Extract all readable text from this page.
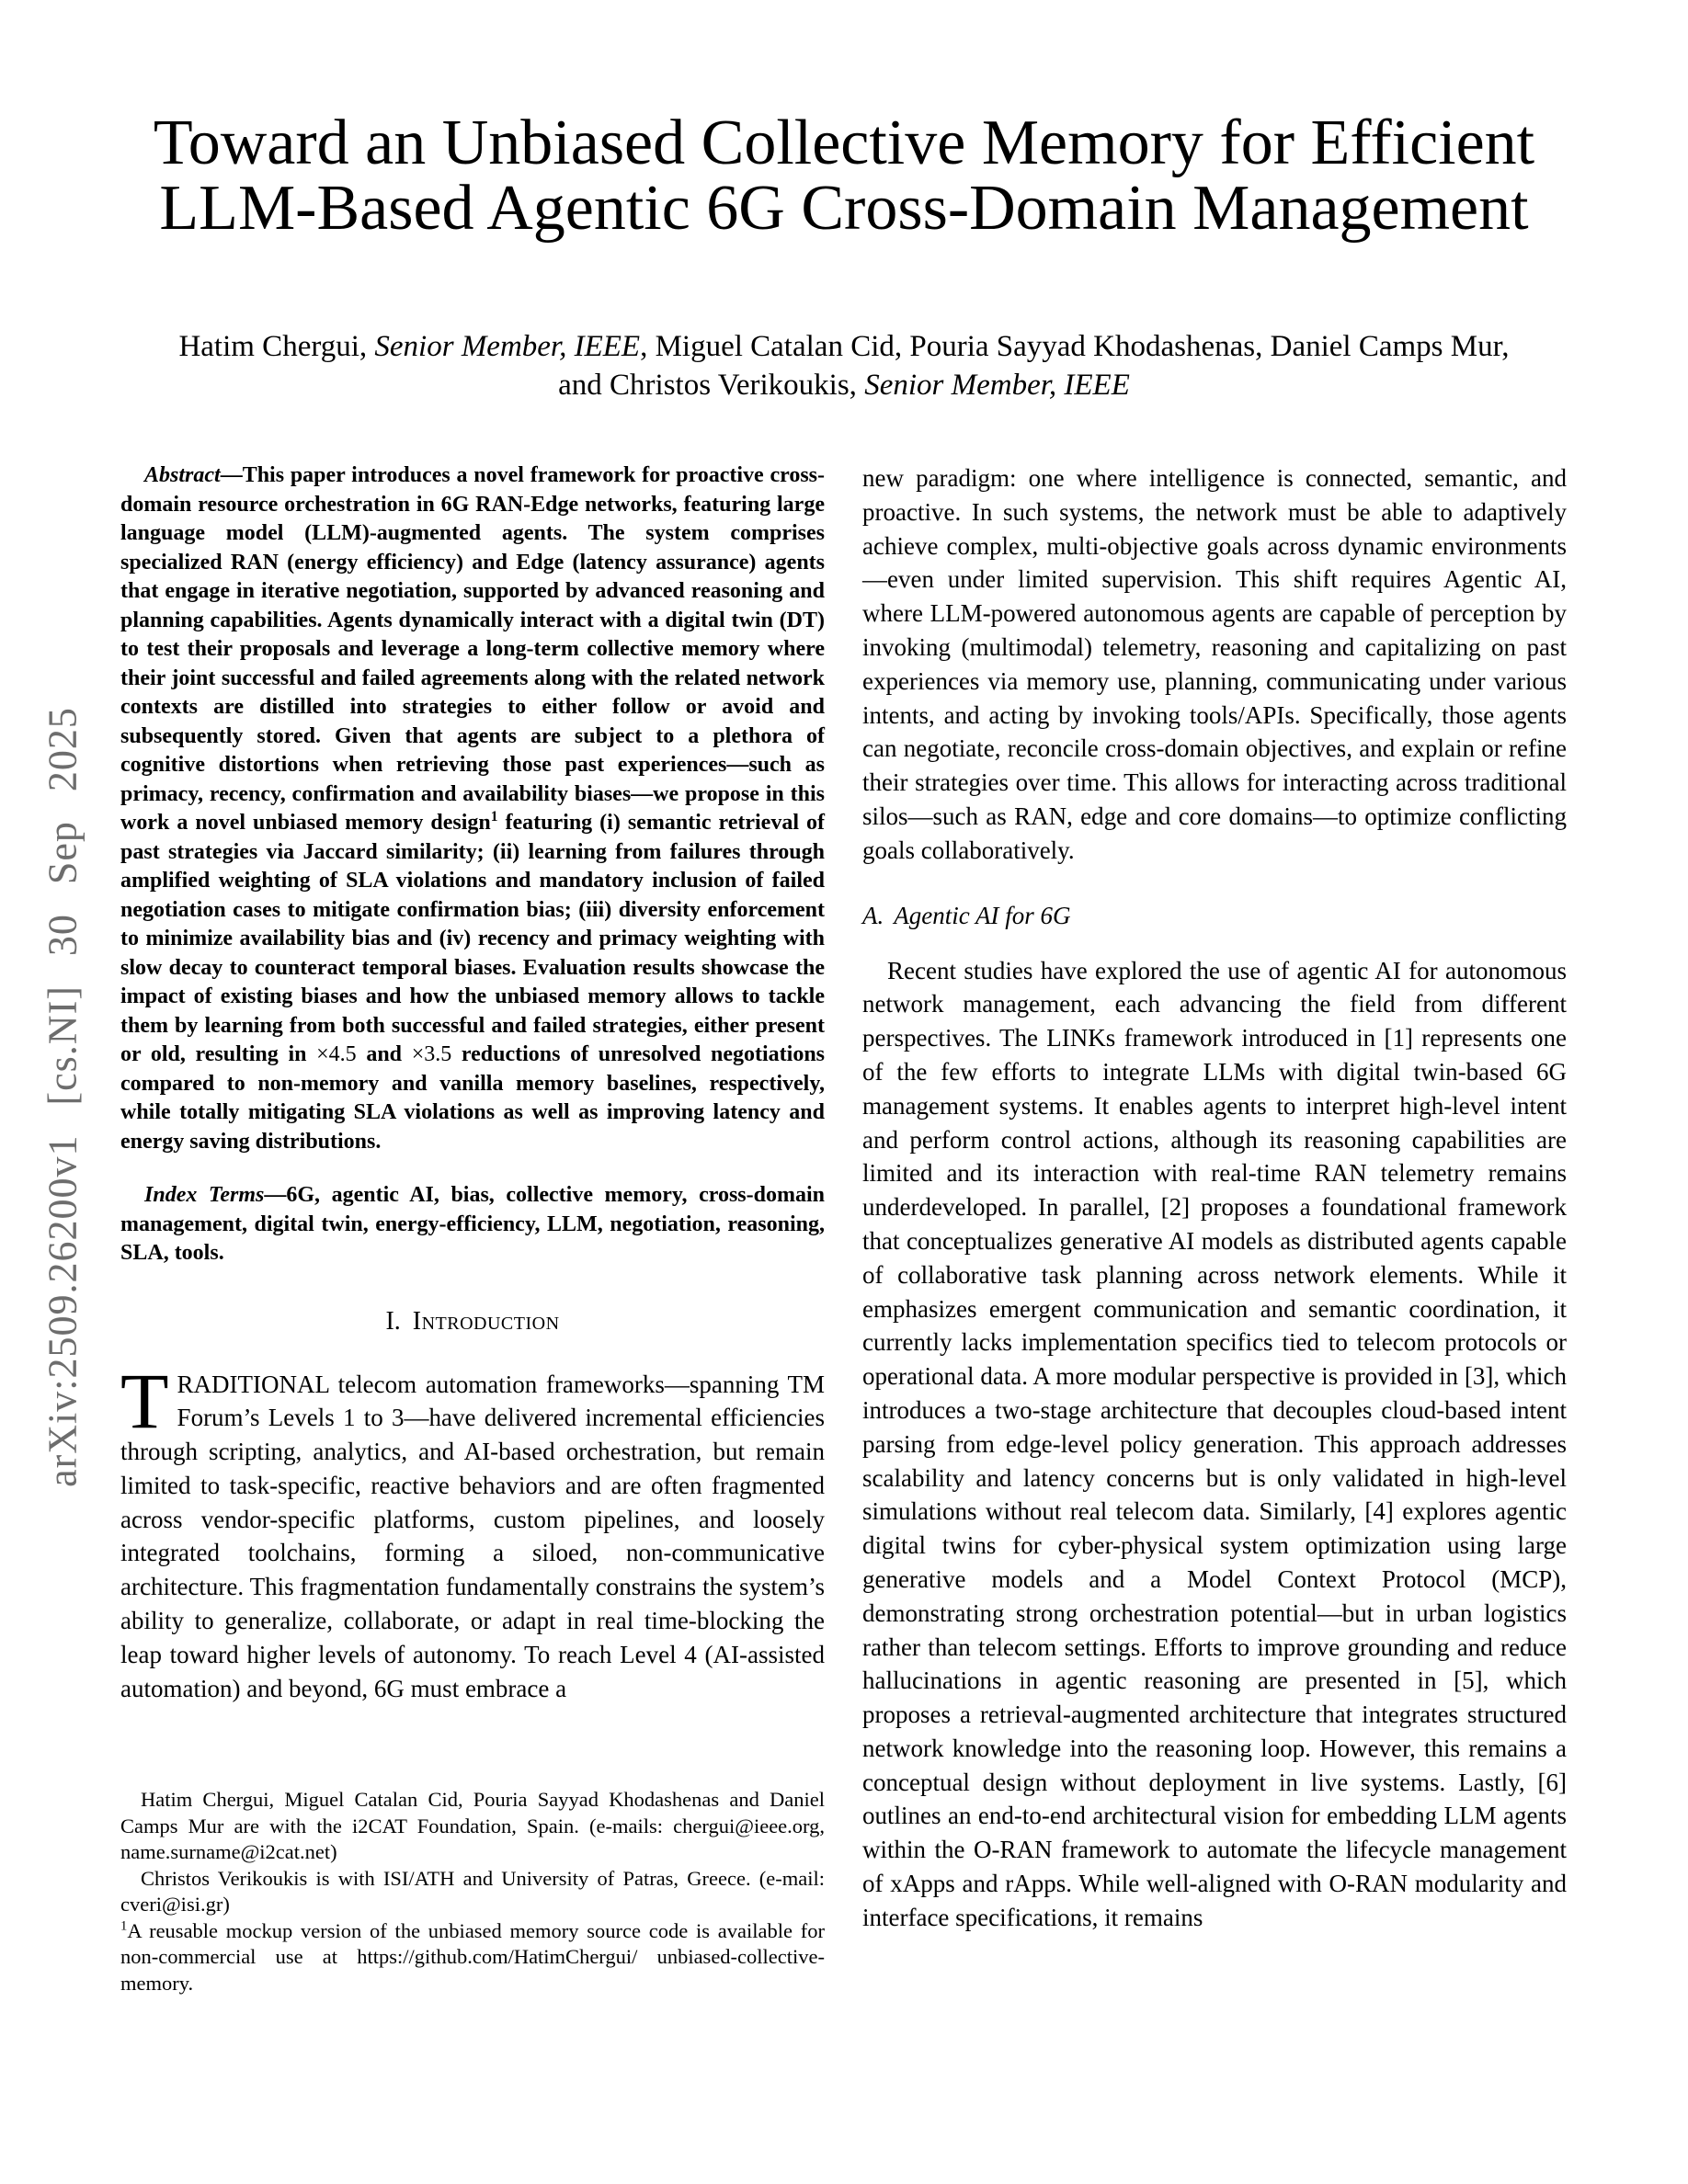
arXiv:2509.26200v1 [cs.NI] 30 Sep 2025
Toward an Unbiased Collective Memory for Efficient
LLM-Based Agentic 6G Cross-Domain Management
Hatim Chergui, Senior Member, IEEE, Miguel Catalan Cid, Pouria Sayyad Khodashenas, Daniel Camps Mur,
and Christos Verikoukis, Senior Member, IEEE

Abstract—This paper introduces a novel framework for proactive cross-domain resource orchestration in 6G RAN-Edge networks, featuring large language model (LLM)-augmented agents. The system comprises specialized RAN (energy efficiency) and Edge (latency assurance) agents that engage in iterative negotiation, supported by advanced reasoning and planning capabilities. Agents dynamically interact with a digital twin (DT) to test their proposals and leverage a long-term collective memory where their joint successful and failed agreements along with the related network contexts are distilled into strategies to either follow or avoid and subsequently stored. Given that agents are subject to a plethora of cognitive distortions when retrieving those past experiences—such as primacy, recency, confirmation and availability biases—we propose in this work a novel unbiased memory design$^1$ featuring (i) semantic retrieval of past strategies via Jaccard similarity; (ii) learning from failures through amplified weighting of SLA violations and mandatory inclusion of failed negotiation cases to mitigate confirmation bias; (iii) diversity enforcement to minimize availability bias and (iv) recency and primacy weighting with slow decay to counteract temporal biases. Evaluation results showcase the impact of existing biases and how the unbiased memory allows to tackle them by learning from both successful and failed strategies, either present or old, resulting in ×4.5 and ×3.5 reductions of unresolved negotiations compared to non-memory and vanilla memory baselines, respectively, while totally mitigating SLA violations as well as improving latency and energy saving distributions.

Index Terms—6G, agentic AI, bias, collective memory, cross-domain management, digital twin, energy-efficiency, LLM, negotiation, reasoning, SLA, tools.

I. Introduction

TRADITIONAL telecom automation frameworks—spanning TM Forum’s Levels 1 to 3—have delivered incremental efficiencies through scripting, analytics, and AI-based orchestration, but remain limited to task-specific, reactive behaviors and are often fragmented across vendor-specific platforms, custom pipelines, and loosely integrated toolchains, forming a siloed, non-communicative architecture. This fragmentation fundamentally constrains the system’s ability to generalize, collaborate, or adapt in real time-blocking the leap toward higher levels of autonomy. To reach Level 4 (AI-assisted automation) and beyond, 6G must embrace a

new paradigm: one where intelligence is connected, semantic, and proactive. In such systems, the network must be able to adaptively achieve complex, multi-objective goals across dynamic environments—even under limited supervision. This shift requires Agentic AI, where LLM-powered autonomous agents are capable of perception by invoking (multimodal) telemetry, reasoning and capitalizing on past experiences via memory use, planning, communicating under various intents, and acting by invoking tools/APIs. Specifically, those agents can negotiate, reconcile cross-domain objectives, and explain or refine their strategies over time. This allows for interacting across traditional silos—such as RAN, edge and core domains—to optimize conflicting goals collaboratively.

A. Agentic AI for 6G

Recent studies have explored the use of agentic AI for autonomous network management, each advancing the field from different perspectives. The LINKs framework introduced in [1] represents one of the few efforts to integrate LLMs with digital twin-based 6G management systems. It enables agents to interpret high-level intent and perform control actions, although its reasoning capabilities are limited and its interaction with real-time RAN telemetry remains underdeveloped. In parallel, [2] proposes a foundational framework that conceptualizes generative AI models as distributed agents capable of collaborative task planning across network elements. While it emphasizes emergent communication and semantic coordination, it currently lacks implementation specifics tied to telecom protocols or operational data. A more modular perspective is provided in [3], which introduces a two-stage architecture that decouples cloud-based intent parsing from edge-level policy generation. This approach addresses scalability and latency concerns but is only validated in high-level simulations without real telecom data. Similarly, [4] explores agentic digital twins for cyber-physical system optimization using large generative models and a Model Context Protocol (MCP), demonstrating strong orchestration potential—but in urban logistics rather than telecom settings. Efforts to improve grounding and reduce hallucinations in agentic reasoning are presented in [5], which proposes a retrieval-augmented architecture that integrates structured network knowledge into the reasoning loop. However, this remains a conceptual design without deployment in live systems. Lastly, [6] outlines an end-to-end architectural vision for embedding LLM agents within the O-RAN framework to automate the lifecycle management of xApps and rApps. While well-aligned with O-RAN modularity and interface specifications, it remains

Hatim Chergui, Miguel Catalan Cid, Pouria Sayyad Khodashenas and Daniel Camps Mur are with the i2CAT Foundation, Spain. (e-mails: chergui@ieee.org, name.surname@i2cat.net)

Christos Verikoukis is with ISI/ATH and University of Patras, Greece. (e-mail: cveri@isi.gr)

$^1$A reusable mockup version of the unbiased memory source code is available for non-commercial use at https://github.com/HatimChergui/ unbiased-collective-memory.
